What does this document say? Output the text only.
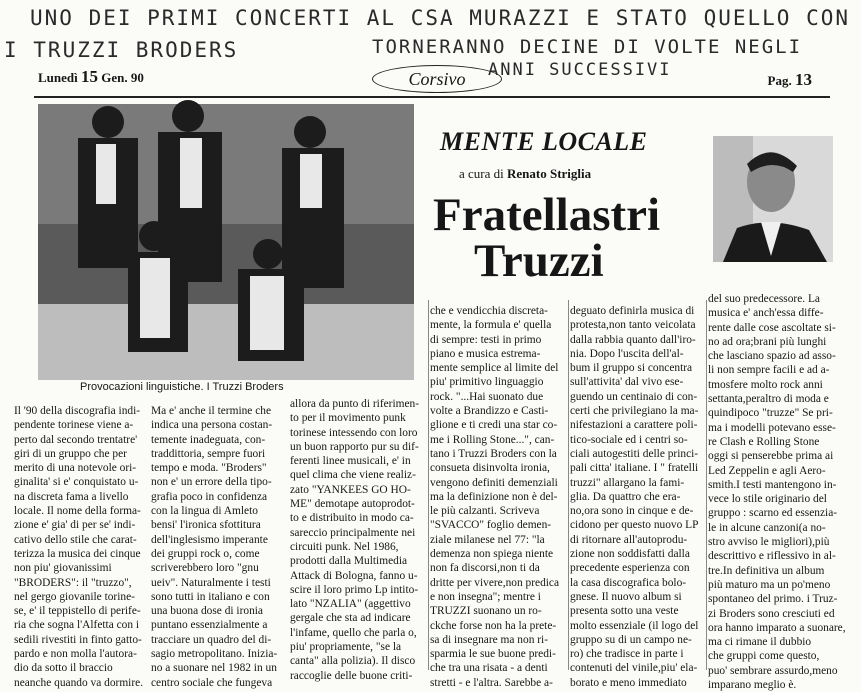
UNO DEI PRIMI CONCERTI AL CSA MURAZZI E STATO QUELLO CON
I TRUZZI BRODERS	TORNERANNO DECINE DI VOLTE NEGLI
ANNI SUCCESSIVI
Lunedì 15 Gen. 90	Corsivo	Pag. 13
Provocazioni linguistiche. I Truzzi Broders
MENTE LOCALE
a cura di Renato Striglia
Fratellastri
Truzzi
Il '90 della discografia indi-
pendente torinese viene a-
perto dal secondo trentatre'
giri di un gruppo che per
merito di una notevole ori-
ginalita' si e' conquistato u-
na discreta fama a livello
locale. Il nome della forma-
zione e' gia' di per se' indi-
cativo dello stile che carat-
terizza la musica dei cinque
non piu' giovanissimi
"BRODERS": il "truzzo",
nel gergo giovanile torine-
se, e' il teppistello di perife-
ria che sogna l'Alfetta con i
sedili rivestiti in finto gatto-
pardo e non molla l'autora-
dio da sotto il braccio
neanche quando va dormire.
Ma e' anche il termine che
indica una persona costan-
temente inadeguata, con-
traddittoria, sempre fuori
tempo e moda. "Broders"
non e' un errore della tipo-
grafia poco in confidenza
con la lingua di Amleto
bensi' l'ironica sfottitura
dell'inglesismo imperante
dei gruppi rock o, come
scriverebbero loro "gnu
ueiv". Naturalmente i testi
sono tutti in italiano e con
una buona dose di ironia
puntano essenzialmente a
tracciare un quadro del di-
sagio metropolitano. Inizia-
no a suonare nel 1982 in un
centro sociale che fungeva
allora da punto di riferimen-
to per il movimento punk
torinese intessendo con loro
un buon rapporto pur su dif-
ferenti linee musicali, e' in
quel clima che viene realiz-
zato "YANKEES GO HO-
ME" demotape autoprodot-
to e distribuito in modo ca-
sareccio principalmente nei
circuiti punk. Nel 1986,
prodotti dalla Multimedia
Attack di Bologna, fanno u-
scire il loro primo Lp intito-
lato "NZALIA" (aggettivo
gergale che sta ad indicare
l'infame, quello che parla o,
piu' propriamente, "se la
canta" alla polizia). Il disco
raccoglie delle buone criti-
che e vendicchia discreta-
mente, la formula e' quella
di sempre: testi in primo
piano e musica estrema-
mente semplice al limite del
piu' primitivo linguaggio
rock. "...Hai suonato due
volte a Brandizzo e Casti-
glione e ti credi una star co-
me i Rolling Stone...", can-
tano i Truzzi Broders con la
consueta disinvolta ironia,
vengono definiti demenziali
ma la definizione non è del-
le più calzanti. Scriveva
"SVACCO" foglio demen-
ziale milanese nel 77: "la
demenza non spiega niente
non fa discorsi,non ti da
dritte per vivere,non predica
e non insegna"; mentre i
TRUZZI suonano un ro-
ckche forse non ha la prete-
sa di insegnare ma non ri-
sparmia le sue buone predi-
che tra una risata - a denti
stretti - e l'altra. Sarebbe a-
deguato definirla musica di
protesta,non tanto veicolata
dalla rabbia quanto dall'iro-
nia. Dopo l'uscita dell'al-
bum il gruppo si concentra
sull'attivita' dal vivo ese-
guendo un centinaio di con-
certi che privilegiano la ma-
nifestazioni a carattere poli-
tico-sociale ed i centri so-
ciali autogestiti delle princi-
pali citta' italiane. I " fratelli
truzzi" allargano la fami-
glia. Da quattro che era-
no,ora sono in cinque e de-
cidono per questo nuovo LP
di ritornare all'autoprodu-
zione non soddisfatti dalla
precedente esperienza con
la casa discografica bolo-
gnese. Il nuovo album si
presenta sotto una veste
molto essenziale (il logo del
gruppo su di un campo ne-
ro) che tradisce in parte i
contenuti del vinile,piu' ela-
borato e meno immediato
del suo predecessore. La
musica e' anch'essa diffe-
rente dalle cose ascoltate si-
no ad ora;brani più lunghi
che lasciano spazio ad asso-
li non sempre facili e ad a-
tmosfere molto rock anni
settanta,peraltro di moda e
quindipoco "truzze" Se pri-
ma i modelli potevano esse-
re Clash e Rolling Stone
oggi si penserebbe prima ai
Led Zeppelin e agli Aero-
smith.I testi mantengono in-
vece lo stile originario del
gruppo : scarno ed essenzia-
le in alcune canzoni(a no-
stro avviso le migliori),più
descrittivo e riflessivo in al-
tre.In definitiva un album
più maturo ma un po'meno
spontaneo del primo. i Truz-
zi Broders sono cresciuti ed
ora hanno imparato a suonare,
ma ci rimane il dubbio
che gruppi come questo,
puo' sembrare assurdo,meno
imparano meglio è.
